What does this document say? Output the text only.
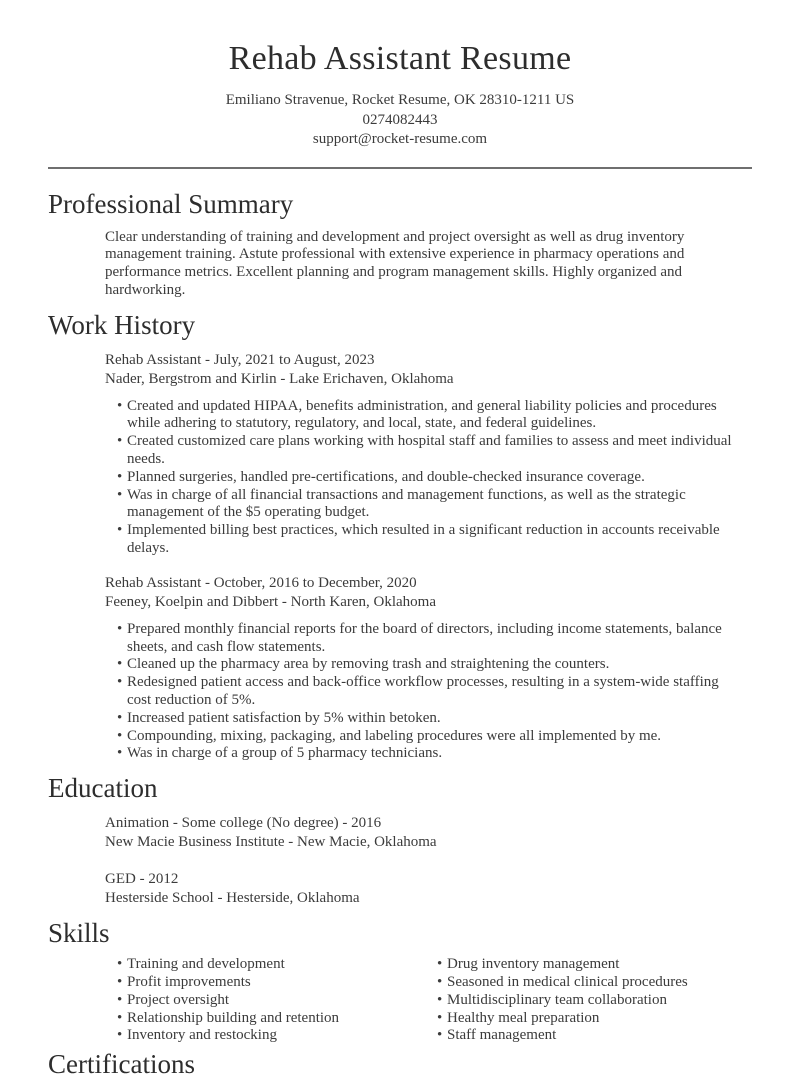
Rehab Assistant Resume
Emiliano Stravenue, Rocket Resume, OK 28310-1211 US
0274082443
support@rocket-resume.com
Professional Summary

Clear understanding of training and development and project oversight as well as drug inventory management training. Astute professional with extensive experience in pharmacy operations and performance metrics. Excellent planning and program management skills. Highly organized and hardworking.

Work History
Rehab Assistant - July, 2021 to August, 2023
Nader, Bergstrom and Kirlin - Lake Erichaven, Oklahoma
• Created and updated HIPAA, benefits administration, and general liability policies and procedures while adhering to statutory, regulatory, and local, state, and federal guidelines.
• Created customized care plans working with hospital staff and families to assess and meet individual needs.
• Planned surgeries, handled pre-certifications, and double-checked insurance coverage.
• Was in charge of all financial transactions and management functions, as well as the strategic management of the $5 operating budget.
• Implemented billing best practices, which resulted in a significant reduction in accounts receivable delays.
Rehab Assistant - October, 2016 to December, 2020
Feeney, Koelpin and Dibbert - North Karen, Oklahoma
• Prepared monthly financial reports for the board of directors, including income statements, balance sheets, and cash flow statements.
• Cleaned up the pharmacy area by removing trash and straightening the counters.
• Redesigned patient access and back-office workflow processes, resulting in a system-wide staffing cost reduction of 5%.
• Increased patient satisfaction by 5% within betoken.
• Compounding, mixing, packaging, and labeling procedures were all implemented by me.
• Was in charge of a group of 5 pharmacy technicians.
Education
Animation - Some college (No degree) - 2016
New Macie Business Institute - New Macie, Oklahoma
GED - 2012
Hesterside School - Hesterside, Oklahoma
Skills
• Training and development
• Profit improvements
• Project oversight
• Relationship building and retention
• Inventory and restocking
• Drug inventory management
• Seasoned in medical clinical procedures
• Multidisciplinary team collaboration
• Healthy meal preparation
• Staff management
Certifications
